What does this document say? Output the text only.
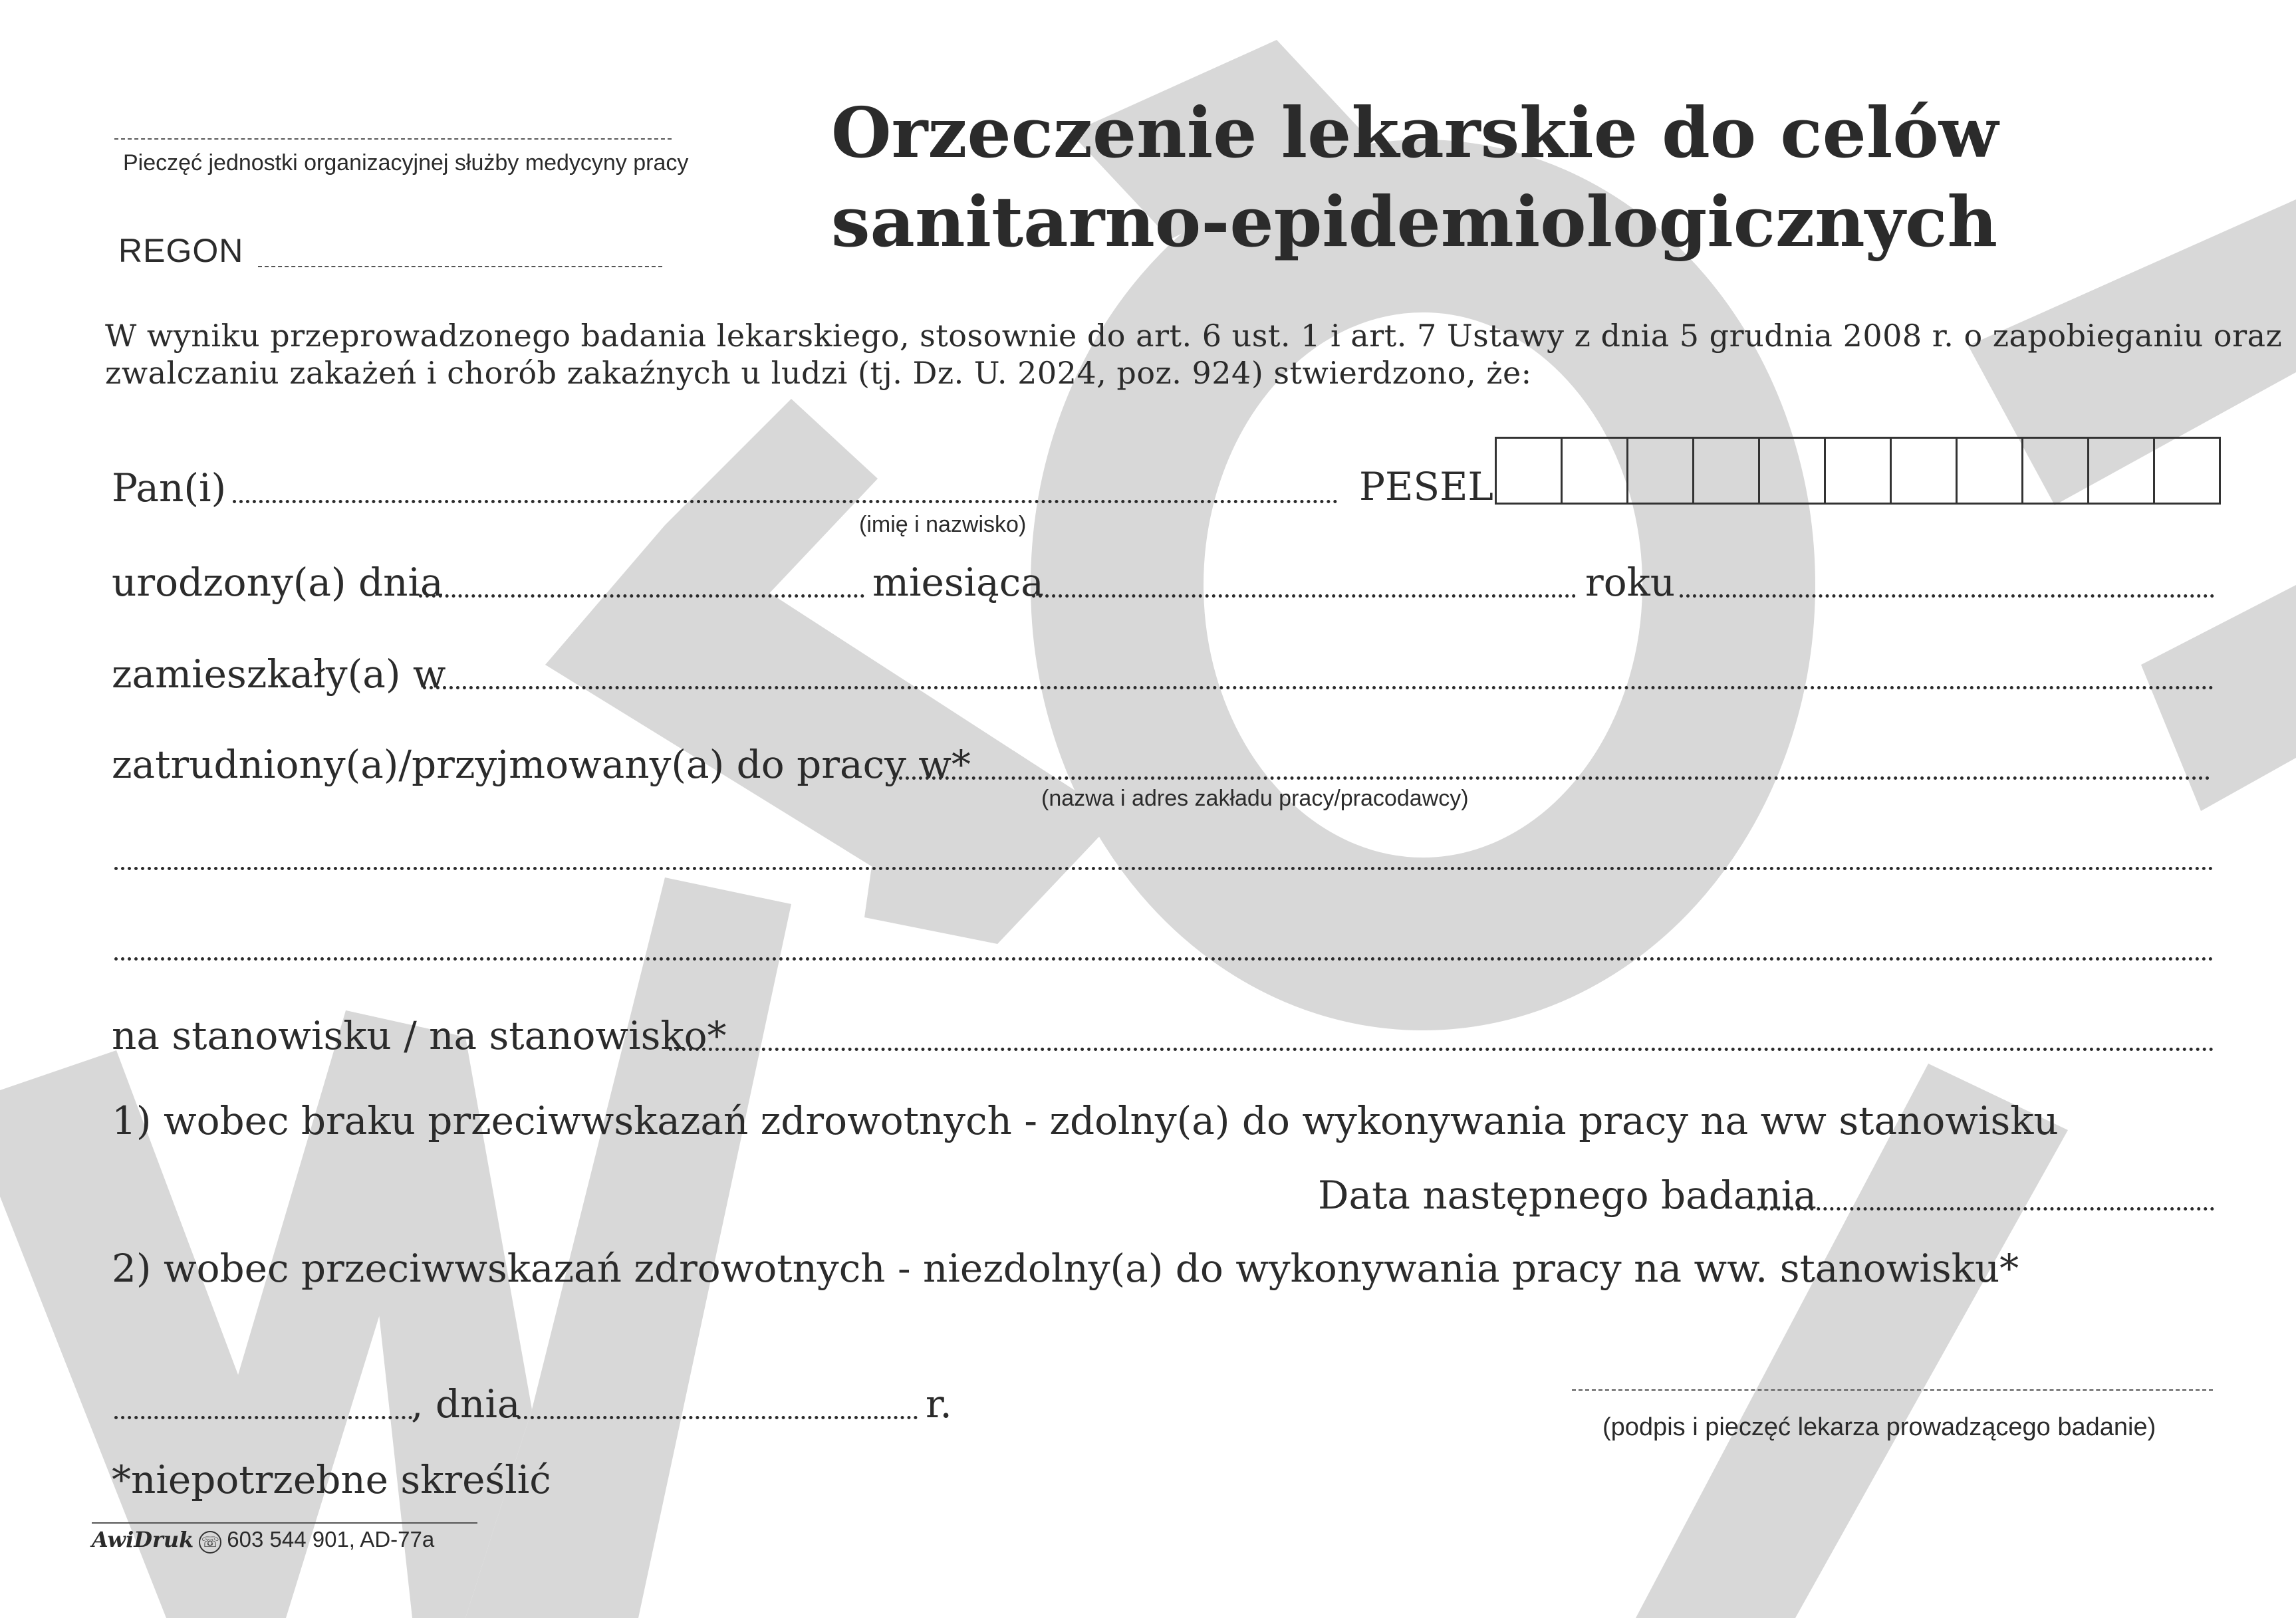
Pieczęć jednostki organizacyjnej służby medycyny pracy
REGON
Orzeczenie lekarskie do celów
sanitarno-epidemiologicznych
W wyniku przeprowadzonego badania lekarskiego, stosownie do art. 6 ust. 1 i art. 7 Ustawy z dnia 5 grudnia 2008 r. o zapobieganiu oraz
zwalczaniu zakażeń i chorób zakaźnych u ludzi (tj. Dz. U. 2024, poz. 924) stwierdzono, że:
Pan(i)
(imię i nazwisko)
PESEL
urodzony(a) dnia	miesiąca	roku
zamieszkały(a) w
zatrudniony(a)/przyjmowany(a) do pracy w*
(nazwa i adres zakładu pracy/pracodawcy)
na stanowisku / na stanowisko*
1) wobec braku przeciwwskazań zdrowotnych - zdolny(a) do wykonywania pracy na ww stanowisku
Data następnego badania
2) wobec przeciwwskazań zdrowotnych - niezdolny(a) do wykonywania pracy na ww. stanowisku*
, dnia	r.
(podpis i pieczęć lekarza prowadzącego badanie)
*niepotrzebne skreślić
AwiDruk ☏ 603 544 901, AD-77a
